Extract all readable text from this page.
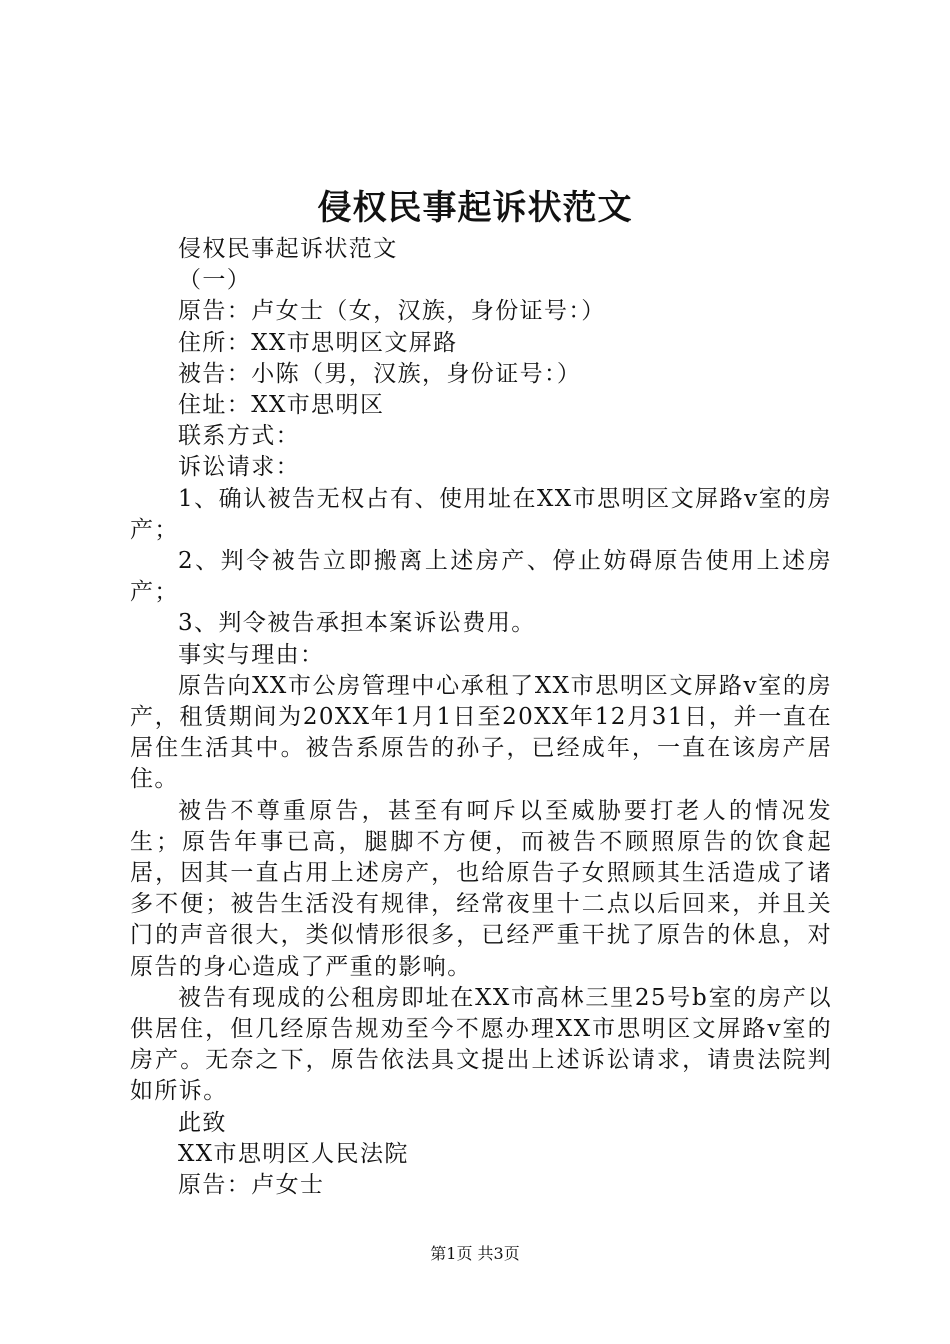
侵权民事起诉状范文

侵权民事起诉状范文

（一）

原告：卢女士（女，汉族，身份证号：）

住所：XX市思明区文屏路

被告：小陈（男，汉族，身份证号：）

住址：XX市思明区

联系方式：

诉讼请求：

1、确认被告无权占有、使用址在XX市思明区文屏路v室的房产；

2、判令被告立即搬离上述房产、停止妨碍原告使用上述房产；

3、判令被告承担本案诉讼费用。

事实与理由：

原告向XX市公房管理中心承租了XX市思明区文屏路v室的房产，租赁期间为20XX年1月1日至20XX年12月31日，并一直在居住生活其中。被告系原告的孙子，已经成年，一直在该房产居住。

被告不尊重原告，甚至有呵斥以至威胁要打老人的情况发生；原告年事已高，腿脚不方便，而被告不顾照原告的饮食起居，因其一直占用上述房产，也给原告子女照顾其生活造成了诸多不便；被告生活没有规律，经常夜里十二点以后回来，并且关门的声音很大，类似情形很多，已经严重干扰了原告的休息，对原告的身心造成了严重的影响。

被告有现成的公租房即址在XX市高林三里25号b室的房产以供居住，但几经原告规劝至今不愿办理XX市思明区文屏路v室的房产。无奈之下，原告依法具文提出上述诉讼请求，请贵法院判如所诉。

此致

XX市思明区人民法院

原告：卢女士

第1页 共3页
